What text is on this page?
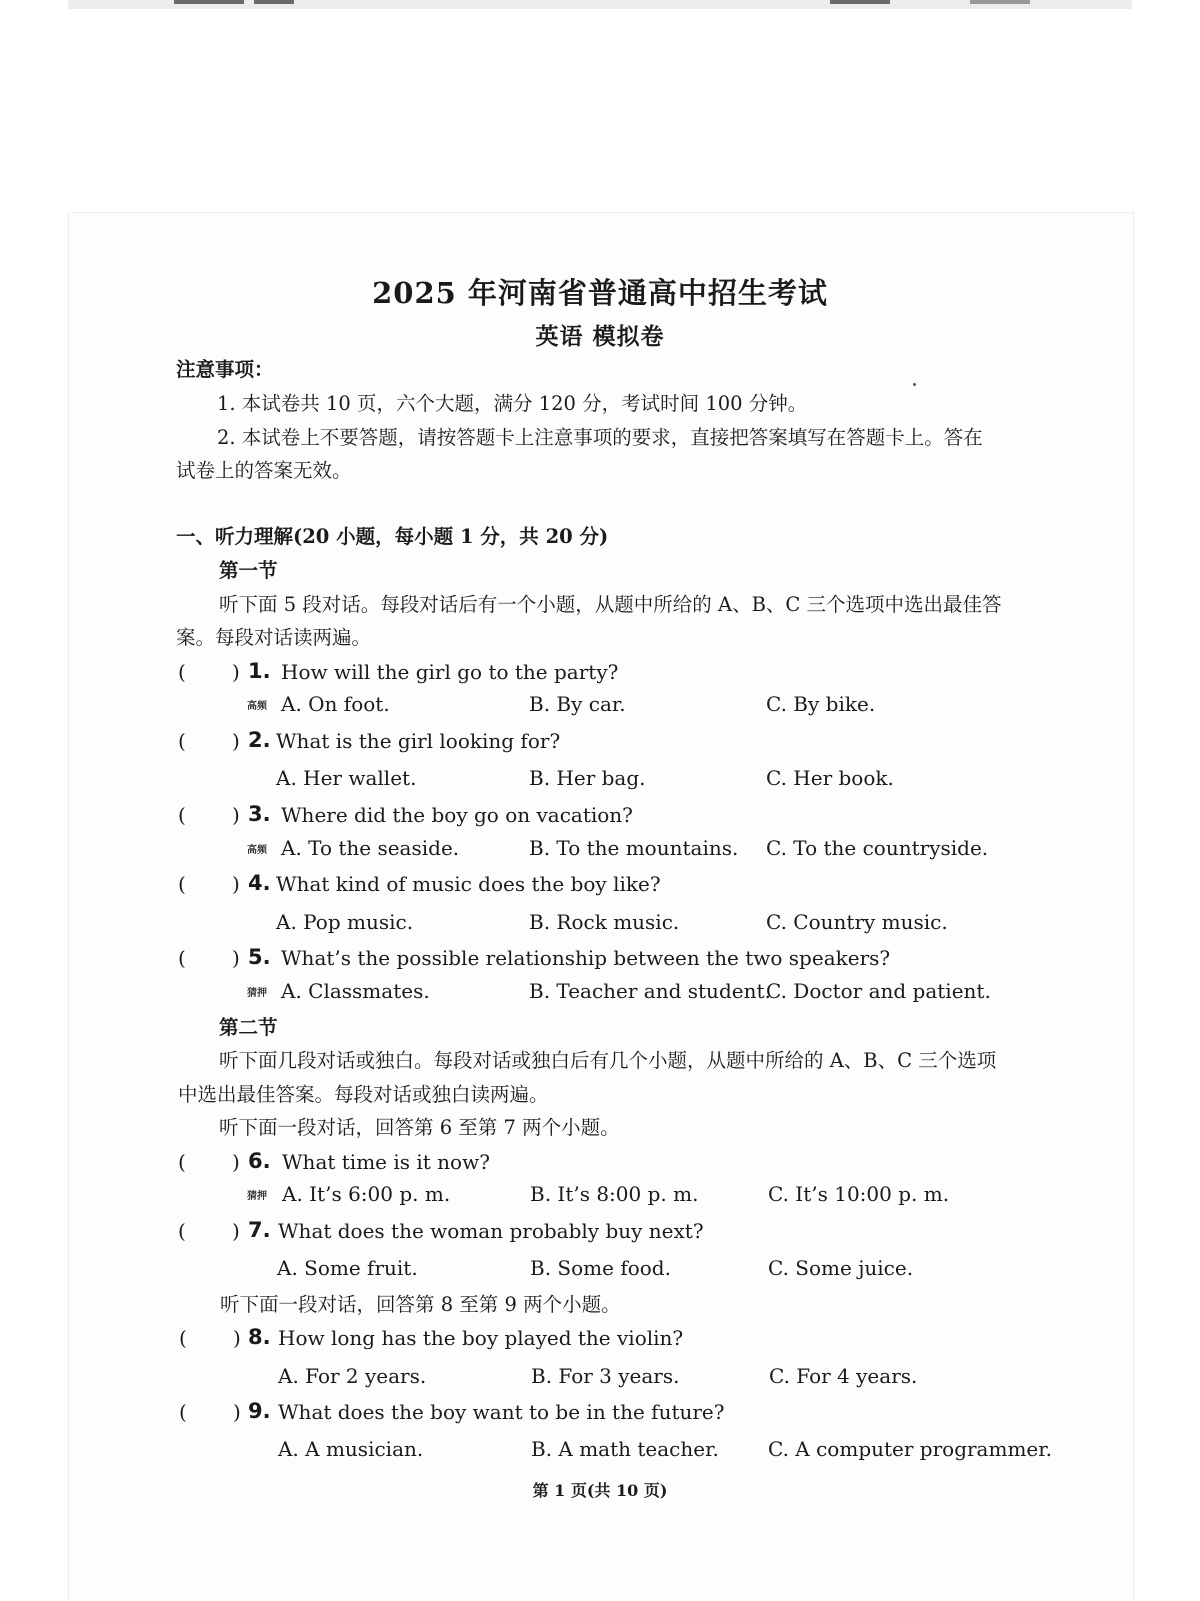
2025 年河南省普通高中招生考试
英语 模拟卷
注意事项：
1. 本试卷共 10 页，六个大题，满分 120 分，考试时间 100 分钟。
2. 本试卷上不要答题，请按答题卡上注意事项的要求，直接把答案填写在答题卡上。答在
试卷上的答案无效。
一、听力理解(20 小题，每小题 1 分，共 20 分)
第一节
听下面 5 段对话。每段对话后有一个小题，从题中所给的 A、B、C 三个选项中选出最佳答
案。每段对话读两遍。
( ) 1. How will the girl go to the party?
高频 A. On foot.	B. By car.	C. By bike.
( ) 2. What is the girl looking for?
A. Her wallet.	B. Her bag.	C. Her book.
( ) 3. Where did the boy go on vacation?
高频 A. To the seaside.	B. To the mountains. C. To the countryside.
( ) 4. What kind of music does the boy like?
A. Pop music.	B. Rock music.	C. Country music.
( ) 5. What’s the possible relationship between the two speakers?
猜押 A. Classmates.	B. Teacher and student.
C. Doctor and patient.
第二节
听下面几段对话或独白。每段对话或独白后有几个小题，从题中所给的 A、B、C 三个选项
中选出最佳答案。每段对话或独白读两遍。
听下面一段对话，回答第 6 至第 7 两个小题。
( ) 6. What time is it now?
猜押 A. It’s 6:00 p. m.	B. It’s 8:00 p. m.	C. It’s 10:00 p. m.
( ) 7. What does the woman probably buy next?
A. Some fruit.	B. Some food.	C. Some juice.
听下面一段对话，回答第 8 至第 9 两个小题。
( ) 8. How long has the boy played the violin?
A. For 2 years.	B. For 3 years.	C. For 4 years.
( ) 9. What does the boy want to be in the future?
A. A musician.	B. A math teacher. C. A computer programmer.
第 1 页(共 10 页)
